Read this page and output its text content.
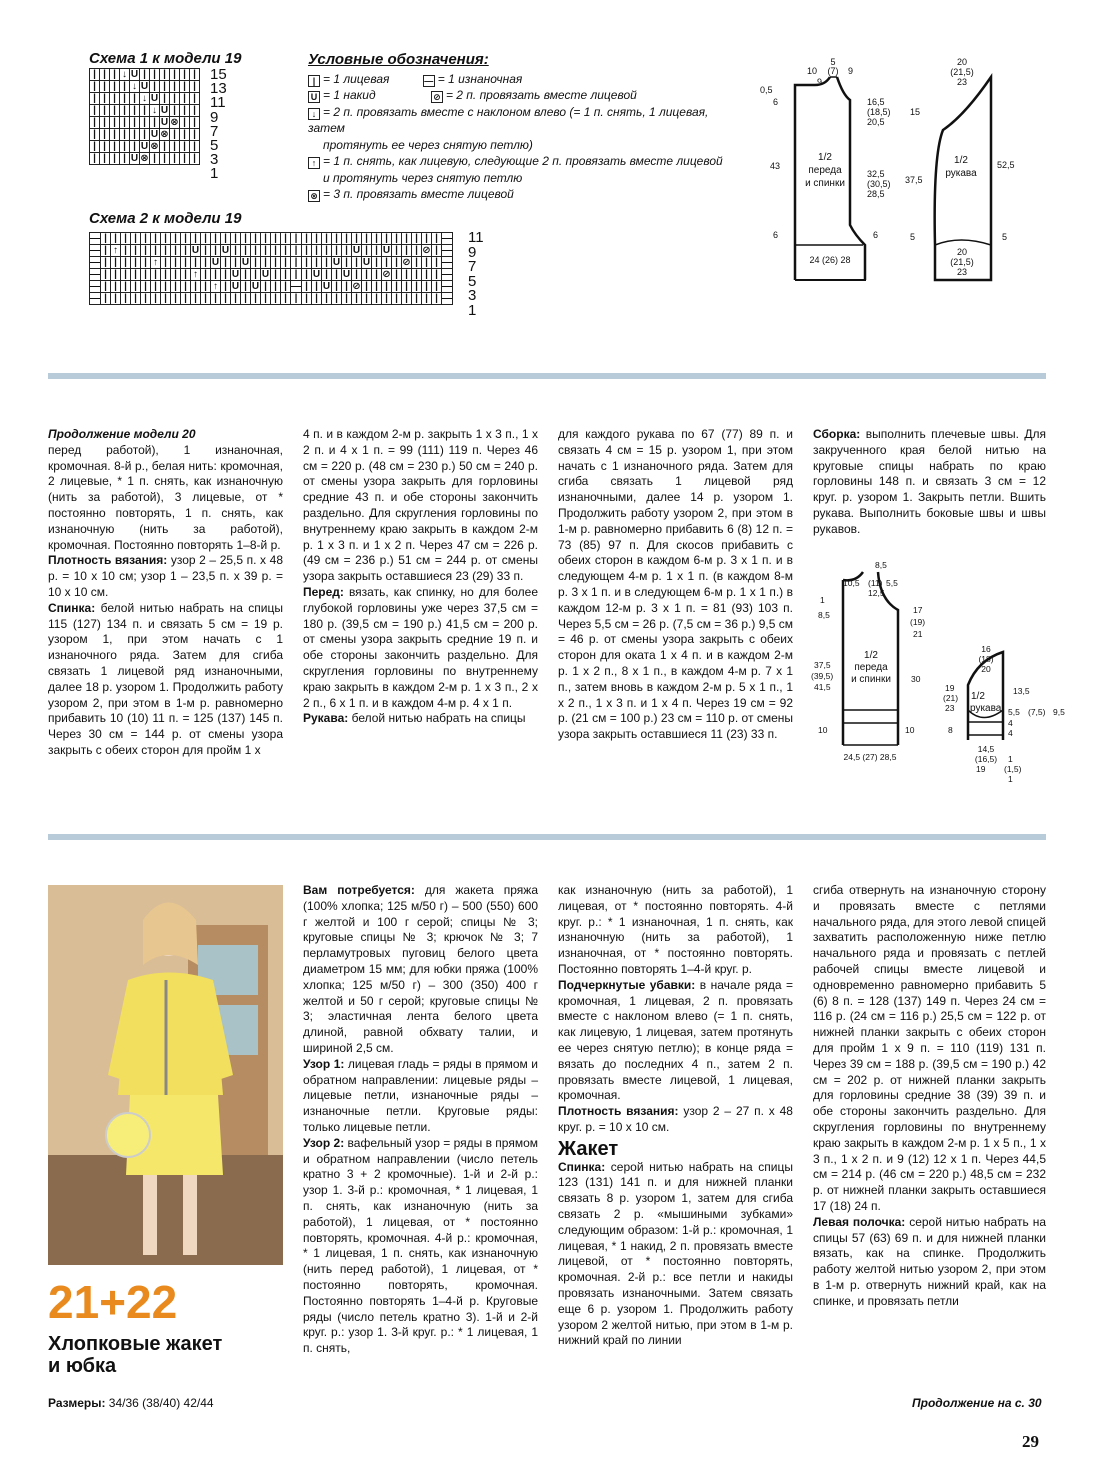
Схема 1 к модели 19
|	|	|	↓	U	|	|	|	|	|	|
|	|	|	|	↓	U	|	|	|	|	|
|	|	|	|	|	↓	U	|	|	|	|
|	|	|	|	|	|	↓	U	|	|	|
|	|	|	|	|	|	|	U	⊗	|	|
|	|	|	|	|	|	U	⊗	|	|	|
|	|	|	|	|	U	⊗	|	|	|	|
|	|	|	|	U	⊗	|	|	|	|	|
15
13
11
9
7
5
3
1
Схема 2 к модели 19
—	|	|	|	|	|	|	|	|	|	|	|	|	|	|	|	|	|	|	|	|	|	|	|	|	|	|	|	|	|	|	|	|	|	|	—
—	|	↑	|	|	|	|	|	|	|	U	|	|	U	|	|	|	|	|	|	|	|	|	|	|	|	U	|	|	U	|	|	|	⊘	|	—
—	|	|	|	|	|	↑	|	|	|	|	|	U	|	|	U	|	|	|	|	|	|	|	|	U	|	|	U	|	|	|	⊘	|	|	|	—
—	|	|	|	|	|	|	|	|	|	↑	|	|	|	U	|	|	U	|	|	|	|	U	|	|	U	|	|	|	⊘	|	|	|	|	|	—
—	|	|	|	|	|	|	|	|	|	|	|	↑	|	U	|	U	|	|	|	—	|	|	U	|	|	⊘	|	|	|	|	|	|	|	|	—
—	|	|	|	|	|	|	|	|	|	|	|	|	|	|	|	|	|	|	|	|	|	|	|	|	|	|	|	|	|	|	|	|	|	|	—
11
9
7
5
3
1
Условные обозначения:
| = 1 лицевая	— = 1 изнаночная
U = 1 накид	⊘ = 2 п. провязать вместе лицевой
↓ = 2 п. провязать вместе с наклоном влево (= 1 п. снять, 1 лицевая, затем
протянуть ее через снятую петлю)
↑ = 1 п. снять, как лицевую, следующие 2 п. провязать вместе лицевой
и протянуть через снятую петлю
⊗ = 3 п. провязать вместе лицевой
5
(7) 9
10
9
0,5
6	16,5
(18,5)
20,5
43
1/2
переда
и спинки
32,5
(30,5)
28,5
6	6
24 (26) 28
20
(21,5)
23
15
1/2
рукава
52,5
37,5
5	5
20
(21,5)
23

Продолжение модели 20

перед работой), 1 изнаночная, кромочная. 8-й р., белая нить: кромочная, 2 лицевые, * 1 п. снять, как изнаночную (нить за работой), 3 лицевые, от * постоянно повторять, 1 п. снять, как изнаночную (нить за работой), кромочная. Постоянно повторять 1–8-й р.

Плотность вязания: узор 2 – 25,5 п. х 48 р. = 10 х 10 см; узор 1 – 23,5 п. х 39 р. = 10 х 10 см.

Спинка: белой нитью набрать на спицы 115 (127) 134 п. и связать 5 см = 19 р. узором 1, при этом начать с 1 изнаночного ряда. Затем для сгиба связать 1 лицевой ряд изнаночными, далее 18 р. узором 1. Продолжить работу узором 2, при этом в 1-м р. равномерно прибавить 10 (10) 11 п. = 125 (137) 145 п. Через 30 см = 144 р. от смены узора закрыть с обеих сторон для пройм 1 х

4 п. и в каждом 2-м р. закрыть 1 х 3 п., 1 х 2 п. и 4 х 1 п. = 99 (111) 119 п. Через 46 см = 220 р. (48 см = 230 р.) 50 см = 240 р. от смены узора закрыть для горловины средние 43 п. и обе стороны закончить раздельно. Для скругления горловины по внутреннему краю закрыть в каждом 2-м р. 1 х 3 п. и 1 х 2 п. Через 47 см = 226 р. (49 см = 236 р.) 51 см = 244 р. от смены узора закрыть оставшиеся 23 (29) 33 п.

Перед: вязать, как спинку, но для более глубокой горловины уже через 37,5 см = 180 р. (39,5 см = 190 р.) 41,5 см = 200 р. от смены узора закрыть средние 19 п. и обе стороны закончить раздельно. Для скругления горловины по внутреннему краю закрыть в каждом 2-м р. 1 х 3 п., 2 х 2 п., 6 х 1 п. и в каждом 4-м р. 4 х 1 п.

Рукава: белой нитью набрать на спицы

для каждого рукава по 67 (77) 89 п. и связать 4 см = 15 р. узором 1, при этом начать с 1 изнаночного ряда. Затем для сгиба связать 1 лицевой ряд изнаночными, далее 14 р. узором 1. Продолжить работу узором 2, при этом в 1-м р. равномерно прибавить 6 (8) 12 п. = 73 (85) 97 п. Для скосов прибавить с обеих сторон в каждом 6-м р. 3 х 1 п. и в следующем 4-м р. 1 х 1 п. (в каждом 8-м р. 3 х 1 п. и в следующем 6-м р. 1 х 1 п.) в каждом 12-м р. 3 х 1 п. = 81 (93) 103 п. Через 5,5 см = 26 р. (7,5 см = 36 р.) 9,5 см = 46 р. от смены узора закрыть с обеих сторон для оката 1 х 4 п. и в каждом 2-м р. 1 х 2 п., 8 х 1 п., в каждом 4-м р. 7 х 1 п., затем вновь в каждом 2-м р. 5 х 1 п., 1 х 2 п., 1 х 3 п. и 1 х 4 п. Через 19 см = 92 р. (21 см = 100 р.) 23 см = 110 р. от смены узора закрыть оставшиеся 11 (23) 33 п.

Сборка: выполнить плечевые швы. Для закрученного края белой нитью на круговые спицы набрать по краю горловины 148 п. и связать 3 см = 12 круг. р. узором 1. Закрыть петли. Вшить рукава. Выполнить боковые швы и швы рукавов.

8,5
10,5 (11) 5,5
12,5
1
8,5	17
(19)
21
1/2
переда
и спинки
37,5
(39,5)
41,5
30
10	10
24,5 (27) 28,5
16
(18)
20
19
(21)
23
1/2
рукава
13,5
5,5 (7,5) 9,5
8
4
4
14,5
(16,5)
19
1
(1,5)
1
21+22
Хлопковые жакет
и юбка
Размеры: 34/36 (38/40) 42/44

Вам потребуется: для жакета пряжа (100% хлопка; 125 м/50 г) – 500 (550) 600 г желтой и 100 г серой; спицы № 3; круговые спицы № 3; крючок № 3; 7 перламутровых пуговиц белого цвета диаметром 15 мм; для юбки пряжа (100% хлопка; 125 м/50 г) – 300 (350) 400 г желтой и 50 г серой; круговые спицы № 3; эластичная лента белого цвета длиной, равной обхвату талии, и шириной 2,5 см.

Узор 1: лицевая гладь = ряды в прямом и обратном направлении: лицевые ряды – лицевые петли, изнаночные ряды – изнаночные петли. Круговые ряды: только лицевые петли.

Узор 2: вафельный узор = ряды в прямом и обратном направлении (число петель кратно 3 + 2 кромочные). 1-й и 2-й р.: узор 1. 3-й р.: кромочная, * 1 лицевая, 1 п. снять, как изнаночную (нить за работой), 1 лицевая, от * постоянно повторять, кромочная. 4-й р.: кромочная, * 1 лицевая, 1 п. снять, как изнаночную (нить перед работой), 1 лицевая, от * постоянно повторять, кромочная. Постоянно повторять 1–4-й р. Круговые ряды (число петель кратно 3). 1-й и 2-й круг. р.: узор 1. 3-й круг. р.: * 1 лицевая, 1 п. снять,

как изнаночную (нить за работой), 1 лицевая, от * постоянно повторять. 4-й круг. р.: * 1 изнаночная, 1 п. снять, как изнаночную (нить за работой), 1 изнаночная, от * постоянно повторять. Постоянно повторять 1–4-й круг. р.

Подчеркнутые убавки: в начале ряда = кромочная, 1 лицевая, 2 п. провязать вместе с наклоном влево (= 1 п. снять, как лицевую, 1 лицевая, затем протянуть ее через снятую петлю); в конце ряда = вязать до последних 4 п., затем 2 п. провязать вместе лицевой, 1 лицевая, кромочная.

Плотность вязания: узор 2 – 27 п. х 48 круг. р. = 10 х 10 см.

Жакет

Спинка: серой нитью набрать на спицы 123 (131) 141 п. и для нижней планки связать 8 р. узором 1, затем для сгиба связать 2 р. «мышиными зубками» следующим образом: 1-й р.: кромочная, 1 лицевая, * 1 накид, 2 п. провязать вместе лицевой, от * постоянно повторять, кромочная. 2-й р.: все петли и накиды провязать изнаночными. Затем связать еще 6 р. узором 1. Продолжить работу узором 2 желтой нитью, при этом в 1-м р. нижний край по линии

сгиба отвернуть на изнаночную сторону и провязать вместе с петлями начального ряда, для этого левой спицей захватить расположенную ниже петлю начального ряда и провязать с петлей рабочей спицы вместе лицевой и одновременно равномерно прибавить 5 (6) 8 п. = 128 (137) 149 п. Через 24 см = 116 р. (24 см = 116 р.) 25,5 см = 122 р. от нижней планки закрыть с обеих сторон для пройм 1 х 9 п. = 110 (119) 131 п. Через 39 см = 188 р. (39,5 см = 190 р.) 42 см = 202 р. от нижней планки закрыть для горловины средние 38 (39) 39 п. и обе стороны закончить раздельно. Для скругления горловины по внутреннему краю закрыть в каждом 2-м р. 1 х 5 п., 1 х 3 п., 1 х 2 п. и 9 (12) 12 х 1 п. Через 44,5 см = 214 р. (46 см = 220 р.) 48,5 см = 232 р. от нижней планки закрыть оставшиеся 17 (18) 24 п.

Левая полочка: серой нитью набрать на спицы 57 (63) 69 п. и для нижней планки вязать, как на спинке. Продолжить работу желтой нитью узором 2, при этом в 1-м р. отвернуть нижний край, как на спинке, и провязать петли

Продолжение на с. 30
29
